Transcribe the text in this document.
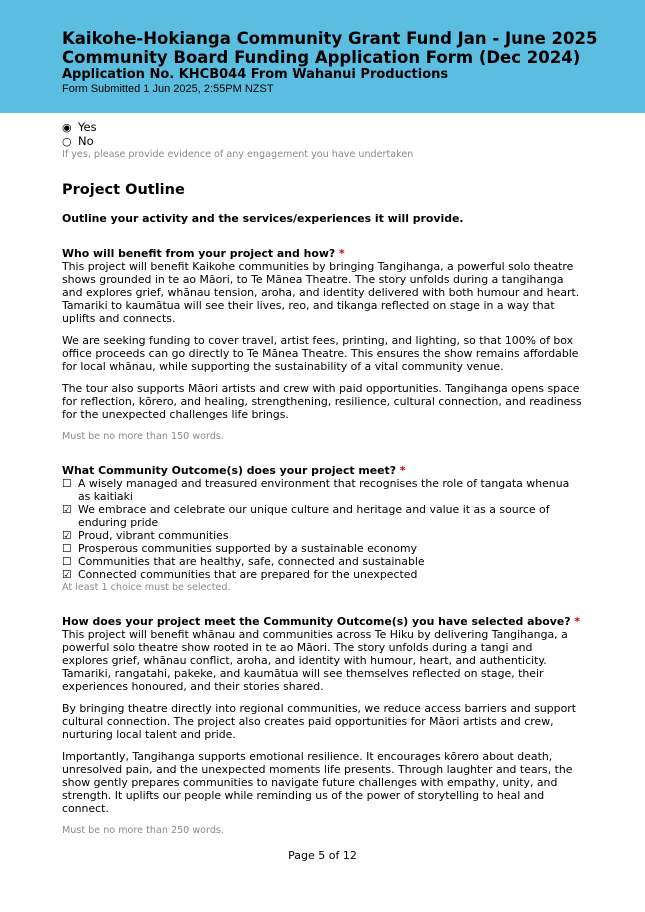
Kaikohe-Hokianga Community Grant Fund Jan - June 2025
Community Board Funding Application Form (Dec 2024)
Application No. KHCB044 From Wahanui Productions
Form Submitted 1 Jun 2025, 2:55PM NZST
◉ Yes
○ No
If yes, please provide evidence of any engagement you have undertaken
Project Outline
Outline your activity and the services/experiences it will provide.
Who will benefit from your project and how? *

This project will benefit Kaikohe communities by bringing Tangihanga, a powerful solo theatre shows grounded in te ao Māori, to Te Mānea Theatre. The story unfolds during a tangihanga and explores grief, whānau tension, aroha, and identity delivered with both humour and heart. Tamariki to kaumātua will see their lives, reo, and tikanga reflected on stage in a way that uplifts and connects.

We are seeking funding to cover travel, artist fees, printing, and lighting, so that 100% of box office proceeds can go directly to Te Mānea Theatre. This ensures the show remains affordable for local whānau, while supporting the sustainability of a vital community venue.

The tour also supports Māori artists and crew with paid opportunities. Tangihanga opens space for reflection, kōrero, and healing, strengthening, resilience, cultural connection, and readiness for the unexpected challenges life brings.

Must be no more than 150 words.
What Community Outcome(s) does your project meet? *
☐ A wisely managed and treasured environment that recognises the role of tangata whenua as kaitiaki
☑ We embrace and celebrate our unique culture and heritage and value it as a source of enduring pride
☑ Proud, vibrant communities
☐ Prosperous communities supported by a sustainable economy
☐ Communities that are healthy, safe, connected and sustainable
☑ Connected communities that are prepared for the unexpected
At least 1 choice must be selected.
How does your project meet the Community Outcome(s) you have selected above? *

This project will benefit whānau and communities across Te Hiku by delivering Tangihanga, a powerful solo theatre show rooted in te ao Māori. The story unfolds during a tangi and explores grief, whānau conflict, aroha, and identity with humour, heart, and authenticity. Tamariki, rangatahi, pakeke, and kaumātua will see themselves reflected on stage, their experiences honoured, and their stories shared.

By bringing theatre directly into regional communities, we reduce access barriers and support cultural connection. The project also creates paid opportunities for Māori artists and crew, nurturing local talent and pride.

Importantly, Tangihanga supports emotional resilience. It encourages kōrero about death, unresolved pain, and the unexpected moments life presents. Through laughter and tears, the show gently prepares communities to navigate future challenges with empathy, unity, and strength. It uplifts our people while reminding us of the power of storytelling to heal and connect.

Must be no more than 250 words.
Page 5 of 12
